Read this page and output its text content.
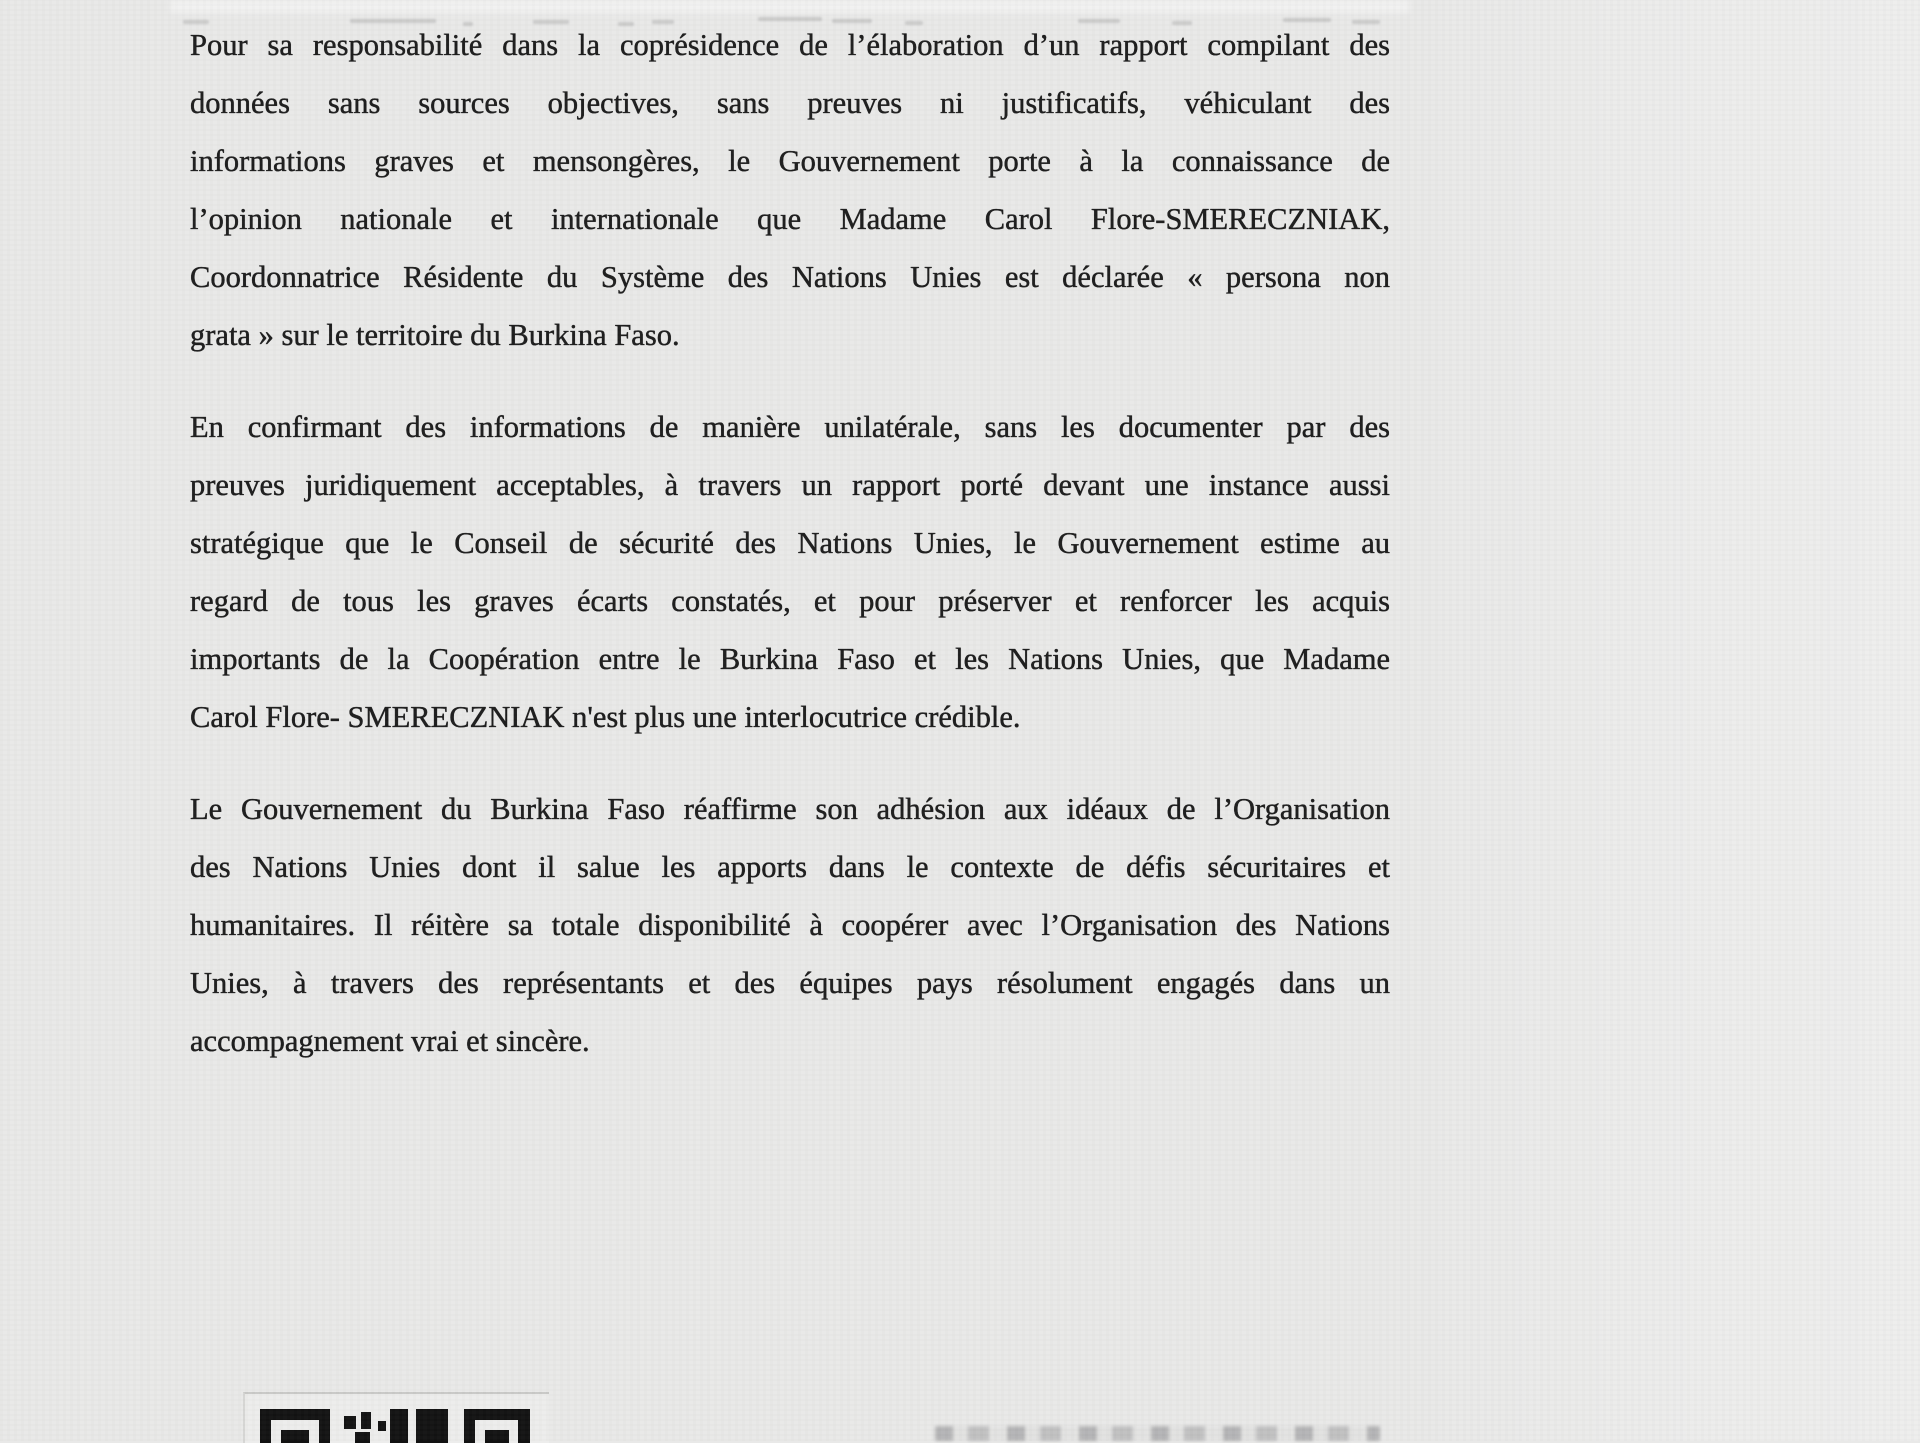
Pour sa responsabilité dans la coprésidence de l’élaboration d’un rapport compilant des
données sans sources objectives, sans preuves ni justificatifs, véhiculant des
informations graves et mensongères, le Gouvernement porte à la connaissance de
l’opinion nationale et internationale que Madame Carol Flore-SMERECZNIAK,
Coordonnatrice Résidente du Système des Nations Unies est déclarée « persona non
grata » sur le territoire du Burkina Faso.
En confirmant des informations de manière unilatérale, sans les documenter par des
preuves juridiquement acceptables, à travers un rapport porté devant une instance aussi
stratégique que le Conseil de sécurité des Nations Unies, le Gouvernement estime au
regard de tous les graves écarts constatés, et pour préserver et renforcer les acquis
importants de la Coopération entre le Burkina Faso et les Nations Unies, que Madame
Carol Flore- SMERECZNIAK n'est plus une interlocutrice crédible.
Le Gouvernement du Burkina Faso réaffirme son adhésion aux idéaux de l’Organisation
des Nations Unies dont il salue les apports dans le contexte de défis sécuritaires et
humanitaires. Il réitère sa totale disponibilité à coopérer avec l’Organisation des Nations
Unies, à travers des représentants et des équipes pays résolument engagés dans un
accompagnement vrai et sincère.
